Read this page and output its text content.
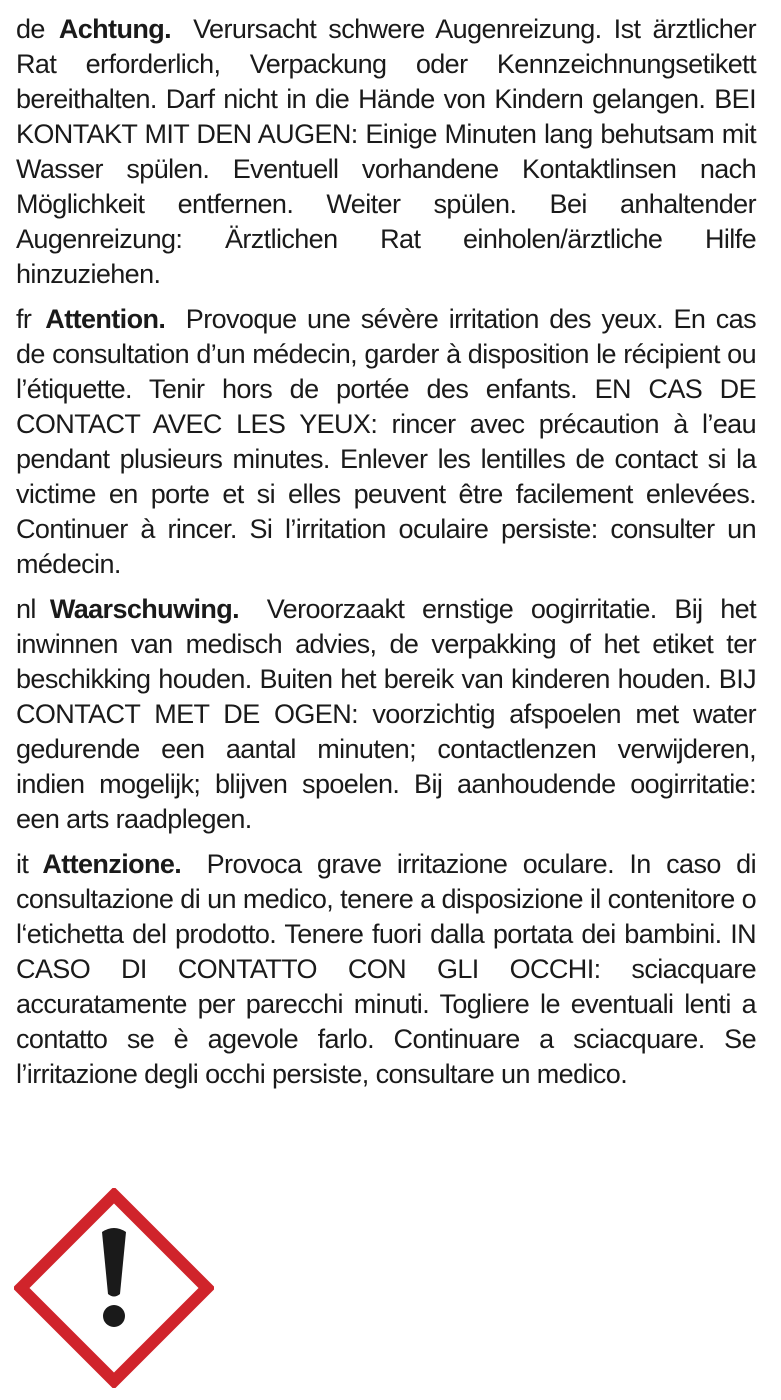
de Achtung. Verursacht schwere Augenreizung. Ist ärztlicher Rat erforderlich, Verpackung oder Kennzeichnungsetikett bereithalten. Darf nicht in die Hände von Kindern gelangen. BEI KONTAKT MIT DEN AUGEN: Einige Minuten lang behutsam mit Wasser spülen. Eventuell vorhandene Kontaktlinsen nach Möglichkeit entfernen. Weiter spülen. Bei anhaltender Augenreizung: Ärztlichen Rat einholen/ärztliche Hilfe hinzuziehen.

fr Attention. Provoque une sévère irritation des yeux. En cas de consultation d’un médecin, garder à disposition le récipient ou l’étiquette. Tenir hors de portée des enfants. EN CAS DE CONTACT AVEC LES YEUX: rincer avec précaution à l’eau pendant plusieurs minutes. Enlever les lentilles de contact si la victime en porte et si elles peuvent être facilement enlevées. Continuer à rincer. Si l’irritation oculaire persiste: consulter un médecin.

nl Waarschuwing. Veroorzaakt ernstige oogirritatie. Bij het inwinnen van medisch advies, de verpakking of het etiket ter beschikking houden. Buiten het bereik van kinderen houden. BIJ CONTACT MET DE OGEN: voorzichtig afspoelen met water gedurende een aantal minuten; contactlenzen verwijderen, indien mogelijk; blijven spoelen. Bij aanhoudende oogirritatie: een arts raadplegen.

it Attenzione. Provoca grave irritazione oculare. In caso di consultazione di un medico, tenere a disposizione il contenitore o l‘etichetta del prodotto. Tenere fuori dalla portata dei bambini. IN CASO DI CONTATTO CON GLI OCCHI: sciacquare accuratamente per parecchi minuti. Togliere le eventuali lenti a contatto se è agevole farlo. Continuare a sciacquare. Se l’irritazione degli occhi persiste, consultare un medico.
